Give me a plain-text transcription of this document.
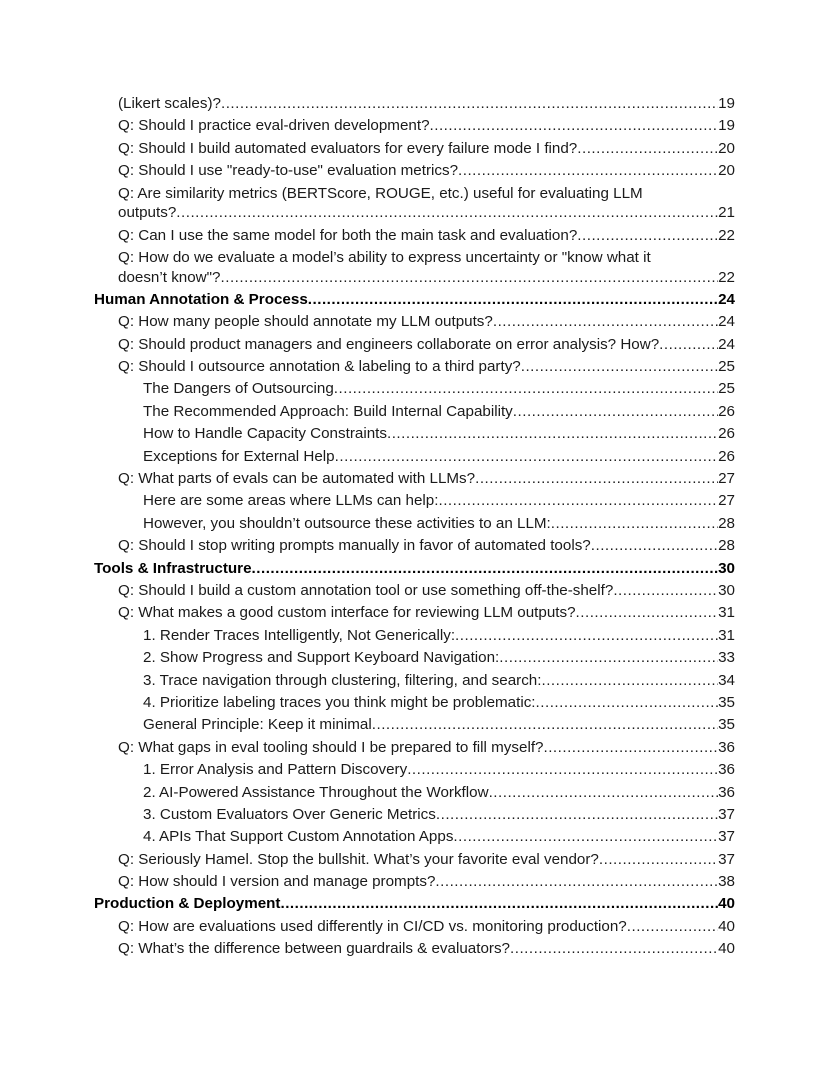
(Likert scales)? .....	19
Q: Should I practice eval-driven development? .....	19
Q: Should I build automated evaluators for every failure mode I find? .....	20
Q: Should I use "ready-to-use" evaluation metrics? .....	20
Q: Are similarity metrics (BERTScore, ROUGE, etc.) useful for evaluating LLM
outputs? .....	21
Q: Can I use the same model for both the main task and evaluation? .....	22
Q: How do we evaluate a model’s ability to express uncertainty or "know what it
doesn’t know"? .....	22
Human Annotation & Process .....	24
Q: How many people should annotate my LLM outputs? .....	24
Q: Should product managers and engineers collaborate on error analysis? How? .....	24
Q: Should I outsource annotation & labeling to a third party? .....	25
The Dangers of Outsourcing .....	25
The Recommended Approach: Build Internal Capability .....	26
How to Handle Capacity Constraints .....	26
Exceptions for External Help .....	26
Q: What parts of evals can be automated with LLMs? .....	27
Here are some areas where LLMs can help: .....	27
However, you shouldn’t outsource these activities to an LLM: .....	28
Q: Should I stop writing prompts manually in favor of automated tools? .....	28
Tools & Infrastructure .....	30
Q: Should I build a custom annotation tool or use something off-the-shelf? .....	30
Q: What makes a good custom interface for reviewing LLM outputs? .....	31
1. Render Traces Intelligently, Not Generically: .....	31
2. Show Progress and Support Keyboard Navigation: .....	33
3. Trace navigation through clustering, filtering, and search: .....	34
4. Prioritize labeling traces you think might be problematic: .....	35
General Principle: Keep it minimal .....	35
Q: What gaps in eval tooling should I be prepared to fill myself? .....	36
1. Error Analysis and Pattern Discovery .....	36
2. AI-Powered Assistance Throughout the Workflow .....	36
3. Custom Evaluators Over Generic Metrics .....	37
4. APIs That Support Custom Annotation Apps .....	37
Q: Seriously Hamel. Stop the bullshit. What’s your favorite eval vendor? .....	37
Q: How should I version and manage prompts? .....	38
Production & Deployment .....	40
Q: How are evaluations used differently in CI/CD vs. monitoring production? .....	40
Q: What’s the difference between guardrails & evaluators? .....	40
